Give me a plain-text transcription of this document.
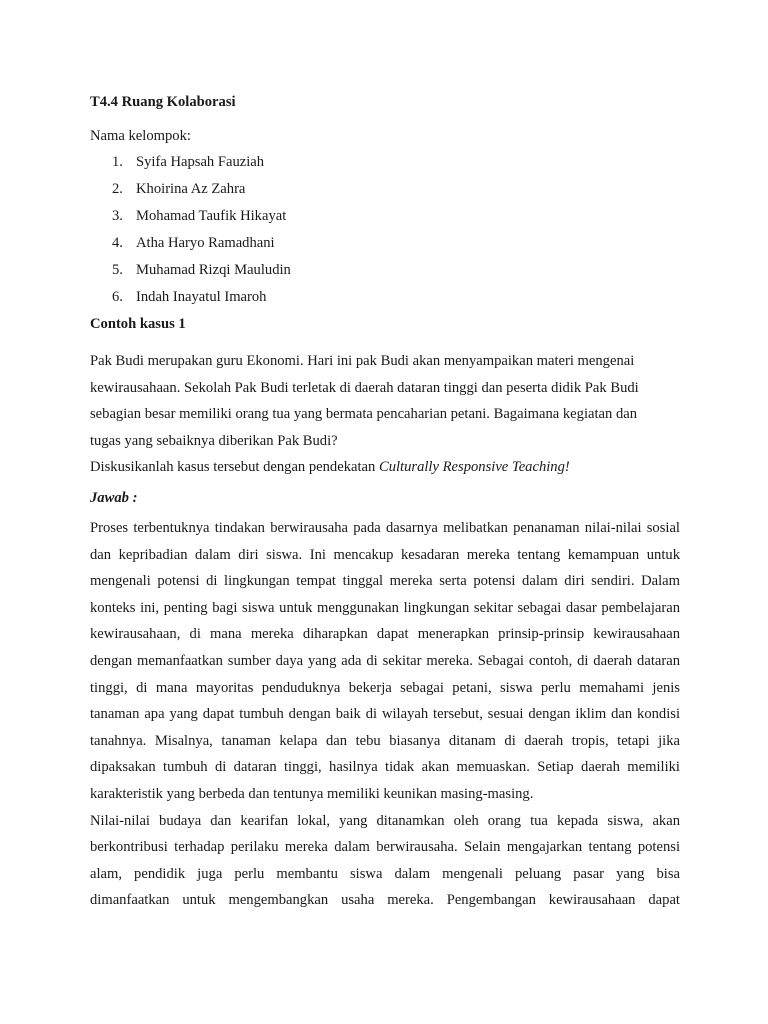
T4.4 Ruang Kolaborasi
Nama kelompok:
1. Syifa Hapsah Fauziah
2. Khoirina Az Zahra
3. Mohamad Taufik Hikayat
4. Atha Haryo Ramadhani
5. Muhamad Rizqi Mauludin
6. Indah Inayatul Imaroh
Contoh kasus 1
Pak Budi merupakan guru Ekonomi. Hari ini pak Budi akan menyampaikan materi mengenai
kewirausahaan. Sekolah Pak Budi terletak di daerah dataran tinggi dan peserta didik Pak Budi
sebagian besar memiliki orang tua yang bermata pencaharian petani. Bagaimana kegiatan dan
tugas yang sebaiknya diberikan Pak Budi?
Diskusikanlah kasus tersebut dengan pendekatan Culturally Responsive Teaching!
Jawab :
Proses terbentuknya tindakan berwirausaha pada dasarnya melibatkan penanaman nilai-nilai sosial
dan kepribadian dalam diri siswa. Ini mencakup kesadaran mereka tentang kemampuan untuk
mengenali potensi di lingkungan tempat tinggal mereka serta potensi dalam diri sendiri. Dalam
konteks ini, penting bagi siswa untuk menggunakan lingkungan sekitar sebagai dasar pembelajaran
kewirausahaan, di mana mereka diharapkan dapat menerapkan prinsip-prinsip kewirausahaan
dengan memanfaatkan sumber daya yang ada di sekitar mereka. Sebagai contoh, di daerah dataran
tinggi, di mana mayoritas penduduknya bekerja sebagai petani, siswa perlu memahami jenis
tanaman apa yang dapat tumbuh dengan baik di wilayah tersebut, sesuai dengan iklim dan kondisi
tanahnya. Misalnya, tanaman kelapa dan tebu biasanya ditanam di daerah tropis, tetapi jika
dipaksakan tumbuh di dataran tinggi, hasilnya tidak akan memuaskan. Setiap daerah memiliki
karakteristik yang berbeda dan tentunya memiliki keunikan masing-masing.
Nilai-nilai budaya dan kearifan lokal, yang ditanamkan oleh orang tua kepada siswa, akan
berkontribusi terhadap perilaku mereka dalam berwirausaha. Selain mengajarkan tentang potensi
alam, pendidik juga perlu membantu siswa dalam mengenali peluang pasar yang bisa
dimanfaatkan untuk mengembangkan usaha mereka. Pengembangan kewirausahaan dapat
